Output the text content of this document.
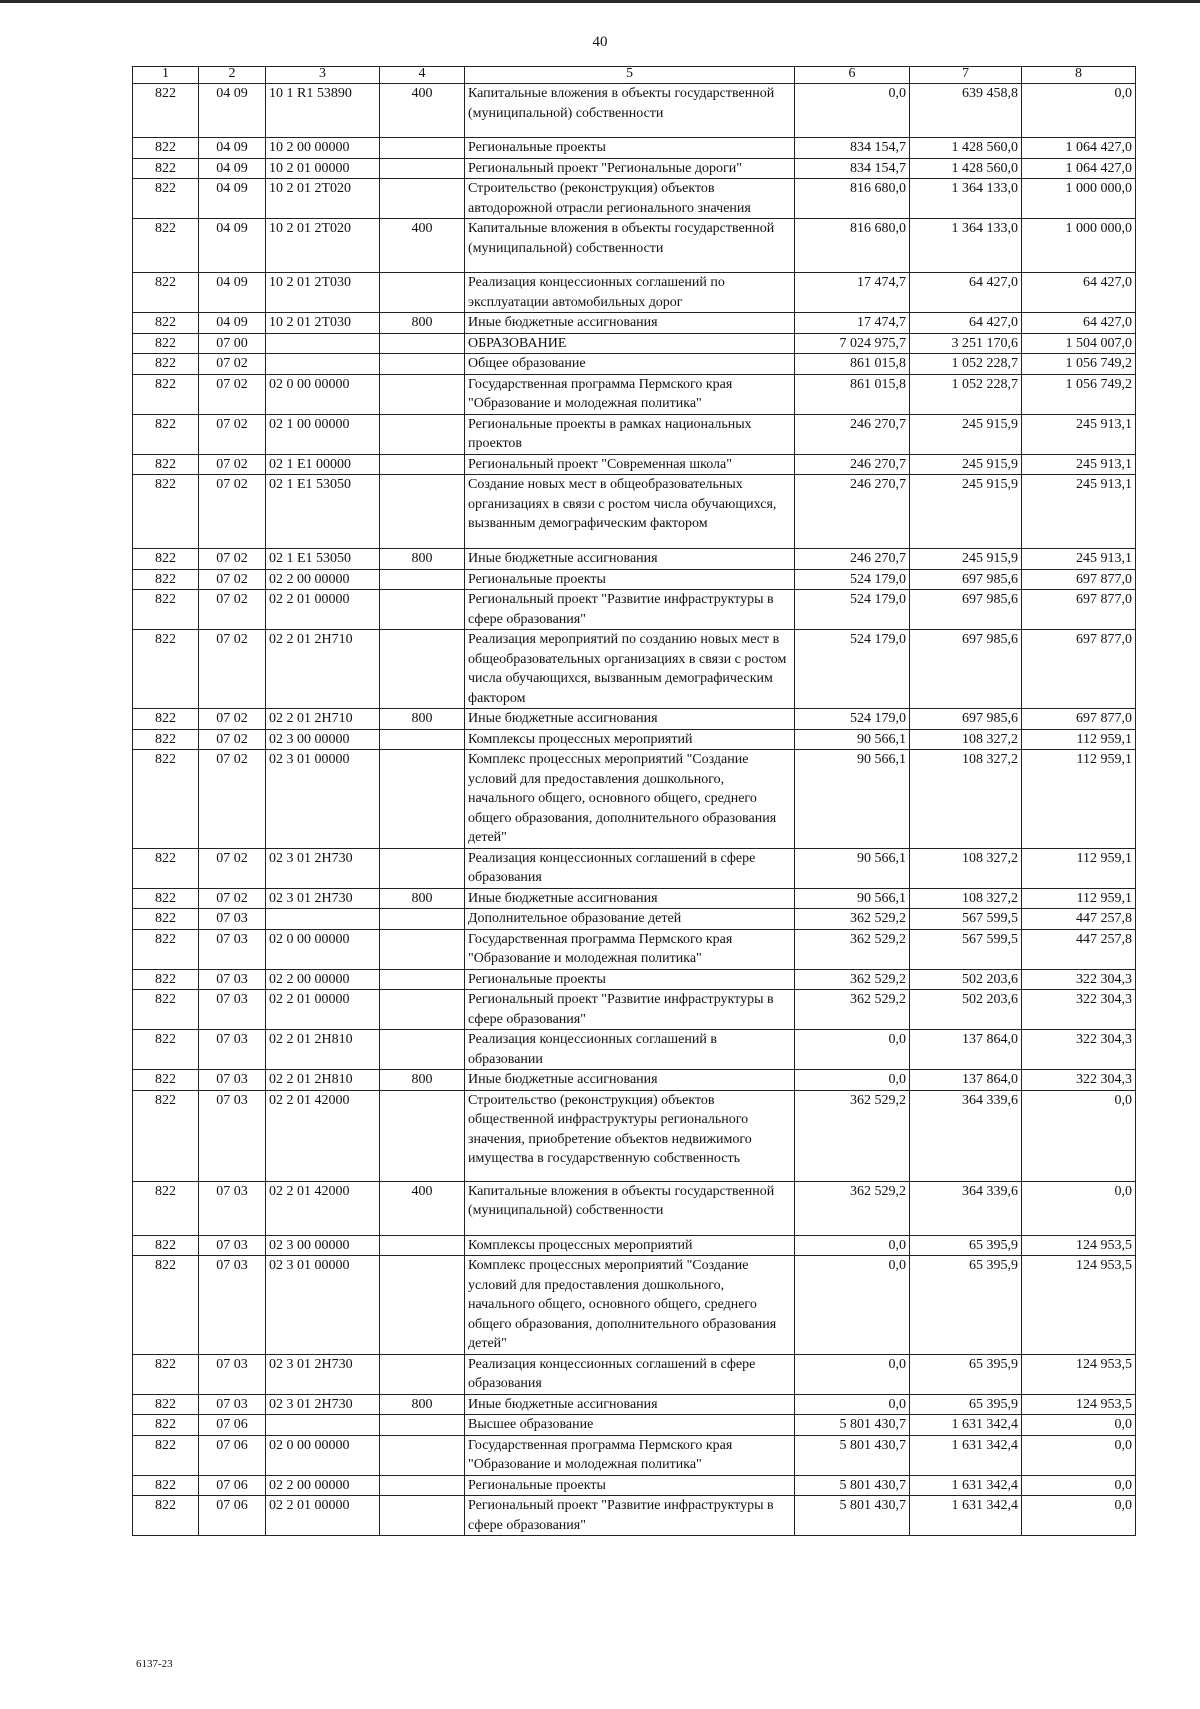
40
1	2	3	4	5	6	7	8
822	04 09	10 1 R1 53890	400	Капитальные вложения в объекты государственной (муниципальной) собственности	0,0	639 458,8	0,0
822	04 09	10 2 00 00000		Региональные проекты	834 154,7	1 428 560,0	1 064 427,0
822	04 09	10 2 01 00000		Региональный проект "Региональные дороги"	834 154,7	1 428 560,0	1 064 427,0
822	04 09	10 2 01 2Т020		Строительство (реконструкция) объектов автодорожной отрасли регионального значения	816 680,0	1 364 133,0	1 000 000,0
822	04 09	10 2 01 2Т020	400	Капитальные вложения в объекты государственной (муниципальной) собственности	816 680,0	1 364 133,0	1 000 000,0
822	04 09	10 2 01 2Т030		Реализация концессионных соглашений по эксплуатации автомобильных дорог	17 474,7	64 427,0	64 427,0
822	04 09	10 2 01 2Т030	800	Иные бюджетные ассигнования	17 474,7	64 427,0	64 427,0
822	07 00			ОБРАЗОВАНИЕ	7 024 975,7	3 251 170,6	1 504 007,0
822	07 02			Общее образование	861 015,8	1 052 228,7	1 056 749,2
822	07 02	02 0 00 00000		Государственная программа Пермского края "Образование и молодежная политика"	861 015,8	1 052 228,7	1 056 749,2
822	07 02	02 1 00 00000		Региональные проекты в рамках национальных проектов	246 270,7	245 915,9	245 913,1
822	07 02	02 1 Е1 00000		Региональный проект "Современная школа"	246 270,7	245 915,9	245 913,1
822	07 02	02 1 Е1 53050		Создание новых мест в общеобразовательных организациях в связи с ростом числа обучающихся, вызванным демографическим фактором	246 270,7	245 915,9	245 913,1
822	07 02	02 1 Е1 53050	800	Иные бюджетные ассигнования	246 270,7	245 915,9	245 913,1
822	07 02	02 2 00 00000		Региональные проекты	524 179,0	697 985,6	697 877,0
822	07 02	02 2 01 00000		Региональный проект "Развитие инфраструктуры в сфере образования"	524 179,0	697 985,6	697 877,0
822	07 02	02 2 01 2Н710		Реализация мероприятий по созданию новых мест в общеобразовательных организациях в связи с ростом числа обучающихся, вызванным демографическим фактором	524 179,0	697 985,6	697 877,0
822	07 02	02 2 01 2Н710	800	Иные бюджетные ассигнования	524 179,0	697 985,6	697 877,0
822	07 02	02 3 00 00000		Комплексы процессных мероприятий	90 566,1	108 327,2	112 959,1
822	07 02	02 3 01 00000		Комплекс процессных мероприятий "Создание условий для предоставления дошкольного, начального общего, основного общего, среднего общего образования, дополнительного образования детей"	90 566,1	108 327,2	112 959,1
822	07 02	02 3 01 2Н730		Реализация концессионных соглашений в сфере образования	90 566,1	108 327,2	112 959,1
822	07 02	02 3 01 2Н730	800	Иные бюджетные ассигнования	90 566,1	108 327,2	112 959,1
822	07 03			Дополнительное образование детей	362 529,2	567 599,5	447 257,8
822	07 03	02 0 00 00000		Государственная программа Пермского края "Образование и молодежная политика"	362 529,2	567 599,5	447 257,8
822	07 03	02 2 00 00000		Региональные проекты	362 529,2	502 203,6	322 304,3
822	07 03	02 2 01 00000		Региональный проект "Развитие инфраструктуры в сфере образования"	362 529,2	502 203,6	322 304,3
822	07 03	02 2 01 2Н810		Реализация концессионных соглашений в образовании	0,0	137 864,0	322 304,3
822	07 03	02 2 01 2Н810	800	Иные бюджетные ассигнования	0,0	137 864,0	322 304,3
822	07 03	02 2 01 42000		Строительство (реконструкция) объектов общественной инфраструктуры регионального значения, приобретение объектов недвижимого имущества в государственную собственность	362 529,2	364 339,6	0,0
822	07 03	02 2 01 42000	400	Капитальные вложения в объекты государственной (муниципальной) собственности	362 529,2	364 339,6	0,0
822	07 03	02 3 00 00000		Комплексы процессных мероприятий	0,0	65 395,9	124 953,5
822	07 03	02 3 01 00000		Комплекс процессных мероприятий "Создание условий для предоставления дошкольного, начального общего, основного общего, среднего общего образования, дополнительного образования детей"	0,0	65 395,9	124 953,5
822	07 03	02 3 01 2Н730		Реализация концессионных соглашений в сфере образования	0,0	65 395,9	124 953,5
822	07 03	02 3 01 2Н730	800	Иные бюджетные ассигнования	0,0	65 395,9	124 953,5
822	07 06			Высшее образование	5 801 430,7	1 631 342,4	0,0
822	07 06	02 0 00 00000		Государственная программа Пермского края "Образование и молодежная политика"	5 801 430,7	1 631 342,4	0,0
822	07 06	02 2 00 00000		Региональные проекты	5 801 430,7	1 631 342,4	0,0
822	07 06	02 2 01 00000		Региональный проект "Развитие инфраструктуры в сфере образования"	5 801 430,7	1 631 342,4	0,0
6137-23
